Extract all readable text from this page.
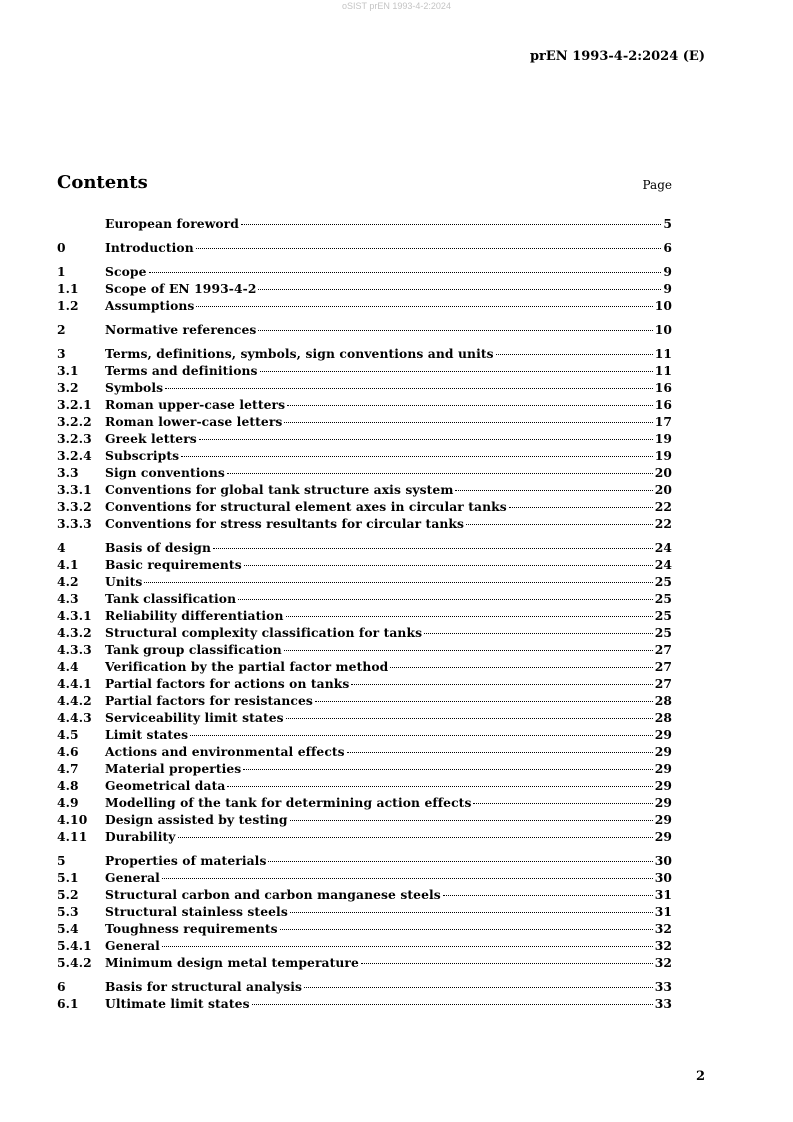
oSIST prEN 1993-4-2:2024
prEN 1993-4-2:2024 (E)
Contents	Page
European foreword	5
0	Introduction	6
1	Scope	9
1.1	Scope of EN 1993-4-2	9
1.2	Assumptions	10
2	Normative references	10
3	Terms, definitions, symbols, sign conventions and units	11
3.1	Terms and definitions	11
3.2	Symbols	16
3.2.1	Roman upper-case letters	16
3.2.2	Roman lower-case letters	17
3.2.3	Greek letters	19
3.2.4	Subscripts	19
3.3	Sign conventions	20
3.3.1	Conventions for global tank structure axis system	20
3.3.2	Conventions for structural element axes in circular tanks	22
3.3.3	Conventions for stress resultants for circular tanks	22
4	Basis of design	24
4.1	Basic requirements	24
4.2	Units	25
4.3	Tank classification	25
4.3.1	Reliability differentiation	25
4.3.2	Structural complexity classification for tanks	25
4.3.3	Tank group classification	27
4.4	Verification by the partial factor method	27
4.4.1	Partial factors for actions on tanks	27
4.4.2	Partial factors for resistances	28
4.4.3	Serviceability limit states	28
4.5	Limit states	29
4.6	Actions and environmental effects	29
4.7	Material properties	29
4.8	Geometrical data	29
4.9	Modelling of the tank for determining action effects	29
4.10	Design assisted by testing	29
4.11	Durability	29
5	Properties of materials	30
5.1	General	30
5.2	Structural carbon and carbon manganese steels	31
5.3	Structural stainless steels	31
5.4	Toughness requirements	32
5.4.1	General	32
5.4.2	Minimum design metal temperature	32
6	Basis for structural analysis	33
6.1	Ultimate limit states	33
2
